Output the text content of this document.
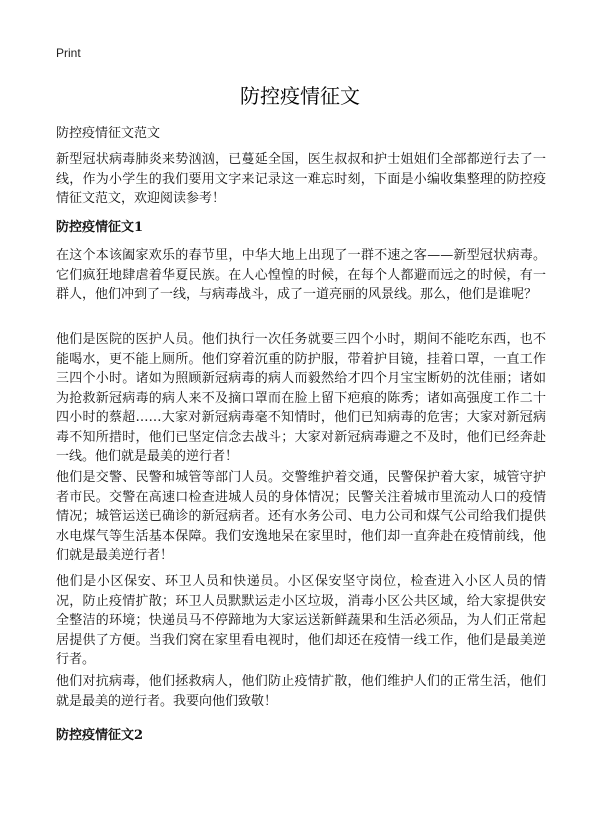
Print
防控疫情征文
防控疫情征文范文

新型冠状病毒肺炎来势汹汹，已蔓延全国，医生叔叔和护士姐姐们全部都逆行去了一线，作为小学生的我们要用文字来记录这一难忘时刻，下面是小编收集整理的防控疫情征文范文，欢迎阅读参考！

防控疫情征文1

在这个本该阖家欢乐的春节里，中华大地上出现了一群不速之客——新型冠状病毒。它们疯狂地肆虐着华夏民族。在人心惶惶的时候，在每个人都避而远之的时候，有一群人，他们冲到了一线，与病毒战斗，成了一道亮丽的风景线。那么，他们是谁呢？

他们是医院的医护人员。他们执行一次任务就要三四个小时，期间不能吃东西，也不能喝水，更不能上厕所。他们穿着沉重的防护服，带着护目镜，挂着口罩，一直工作三四个小时。诸如为照顾新冠病毒的病人而毅然给才四个月宝宝断奶的沈佳丽；诸如为抢救新冠病毒的病人来不及摘口罩而在脸上留下疤痕的陈秀；诸如高强度工作二十四小时的蔡超……大家对新冠病毒毫不知情时，他们已知病毒的危害；大家对新冠病毒不知所措时，他们已坚定信念去战斗；大家对新冠病毒避之不及时，他们已经奔赴一线。他们就是最美的逆行者！

他们是交警、民警和城管等部门人员。交警维护着交通，民警保护着大家，城管守护者市民。交警在高速口检查进城人员的身体情况；民警关注着城市里流动人口的疫情情况；城管运送已确诊的新冠病者。还有水务公司、电力公司和煤气公司给我们提供水电煤气等生活基本保障。我们安逸地呆在家里时，他们却一直奔赴在疫情前线，他们就是最美逆行者！

他们是小区保安、环卫人员和快递员。小区保安坚守岗位，检查进入小区人员的情况，防止疫情扩散；环卫人员默默运走小区垃圾，消毒小区公共区域，给大家提供安全整洁的环境；快递员马不停蹄地为大家运送新鲜蔬果和生活必须品，为人们正常起居提供了方便。当我们窝在家里看电视时，他们却还在疫情一线工作，他们是最美逆行者。

他们对抗病毒，他们拯救病人，他们防止疫情扩散，他们维护人们的正常生活，他们就是最美的逆行者。我要向他们致敬！

防控疫情征文2
